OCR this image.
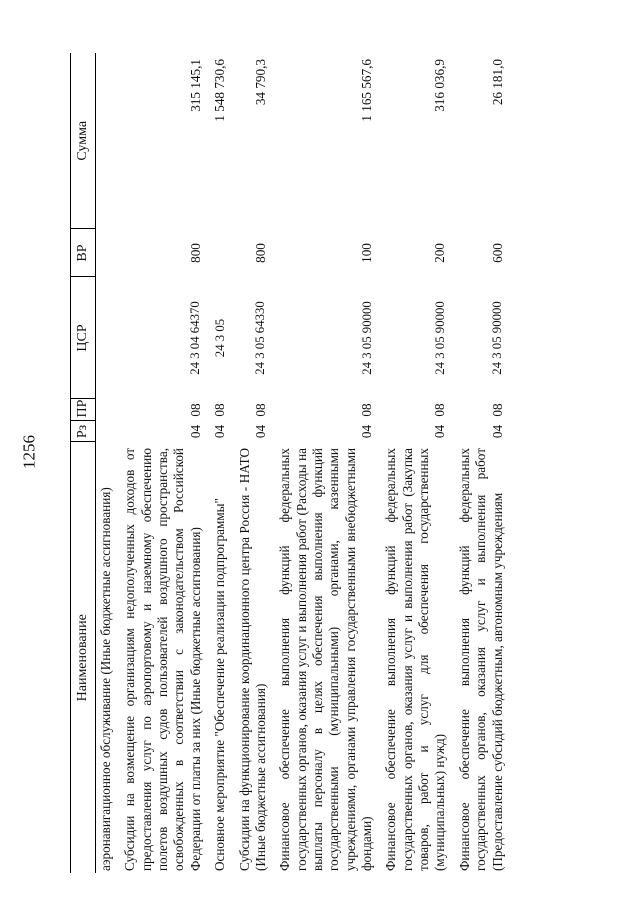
1256
Наименование	Рз	ПР	ЦСР	ВР	Сумма
аэронавигационное обслуживание (Иные бюджетные ассигнования)					
Субсидии на возмещение организациям недополученных доходов от предоставления услуг по аэропортовому и наземному обеспечению полетов воздушных судов пользователей воздушного пространства, освобожденных в соответствии с законодательством Российской Федерации от платы за них (Иные бюджетные ассигнования)	04	08	24 3 04 64370	800	315 145,1
Основное мероприятие "Обеспечение реализации подпрограммы"	04	08	24 3 05		1 548 730,6
Субсидии на функционирование координационного центра Россия - НАТО (Иные бюджетные ассигнования)	04	08	24 3 05 64330	800	34 790,3
Финансовое обеспечение выполнения функций федеральных государственных органов, оказания услуг и выполнения работ (Расходы на выплаты персоналу в целях обеспечения выполнения функций государственными (муниципальными) органами, казенными учреждениями, органами управления государственными внебюджетными фондами)	04	08	24 3 05 90000	100	1 165 567,6
Финансовое обеспечение выполнения функций федеральных государственных органов, оказания услуг и выполнения работ (Закупка товаров, работ и услуг для обеспечения государственных (муниципальных) нужд)	04	08	24 3 05 90000	200	316 036,9
Финансовое обеспечение выполнения функций федеральных государственных органов, оказания услуг и выполнения работ (Предоставление субсидий бюджетным, автономным учреждениям	04	08	24 3 05 90000	600	26 181,0
